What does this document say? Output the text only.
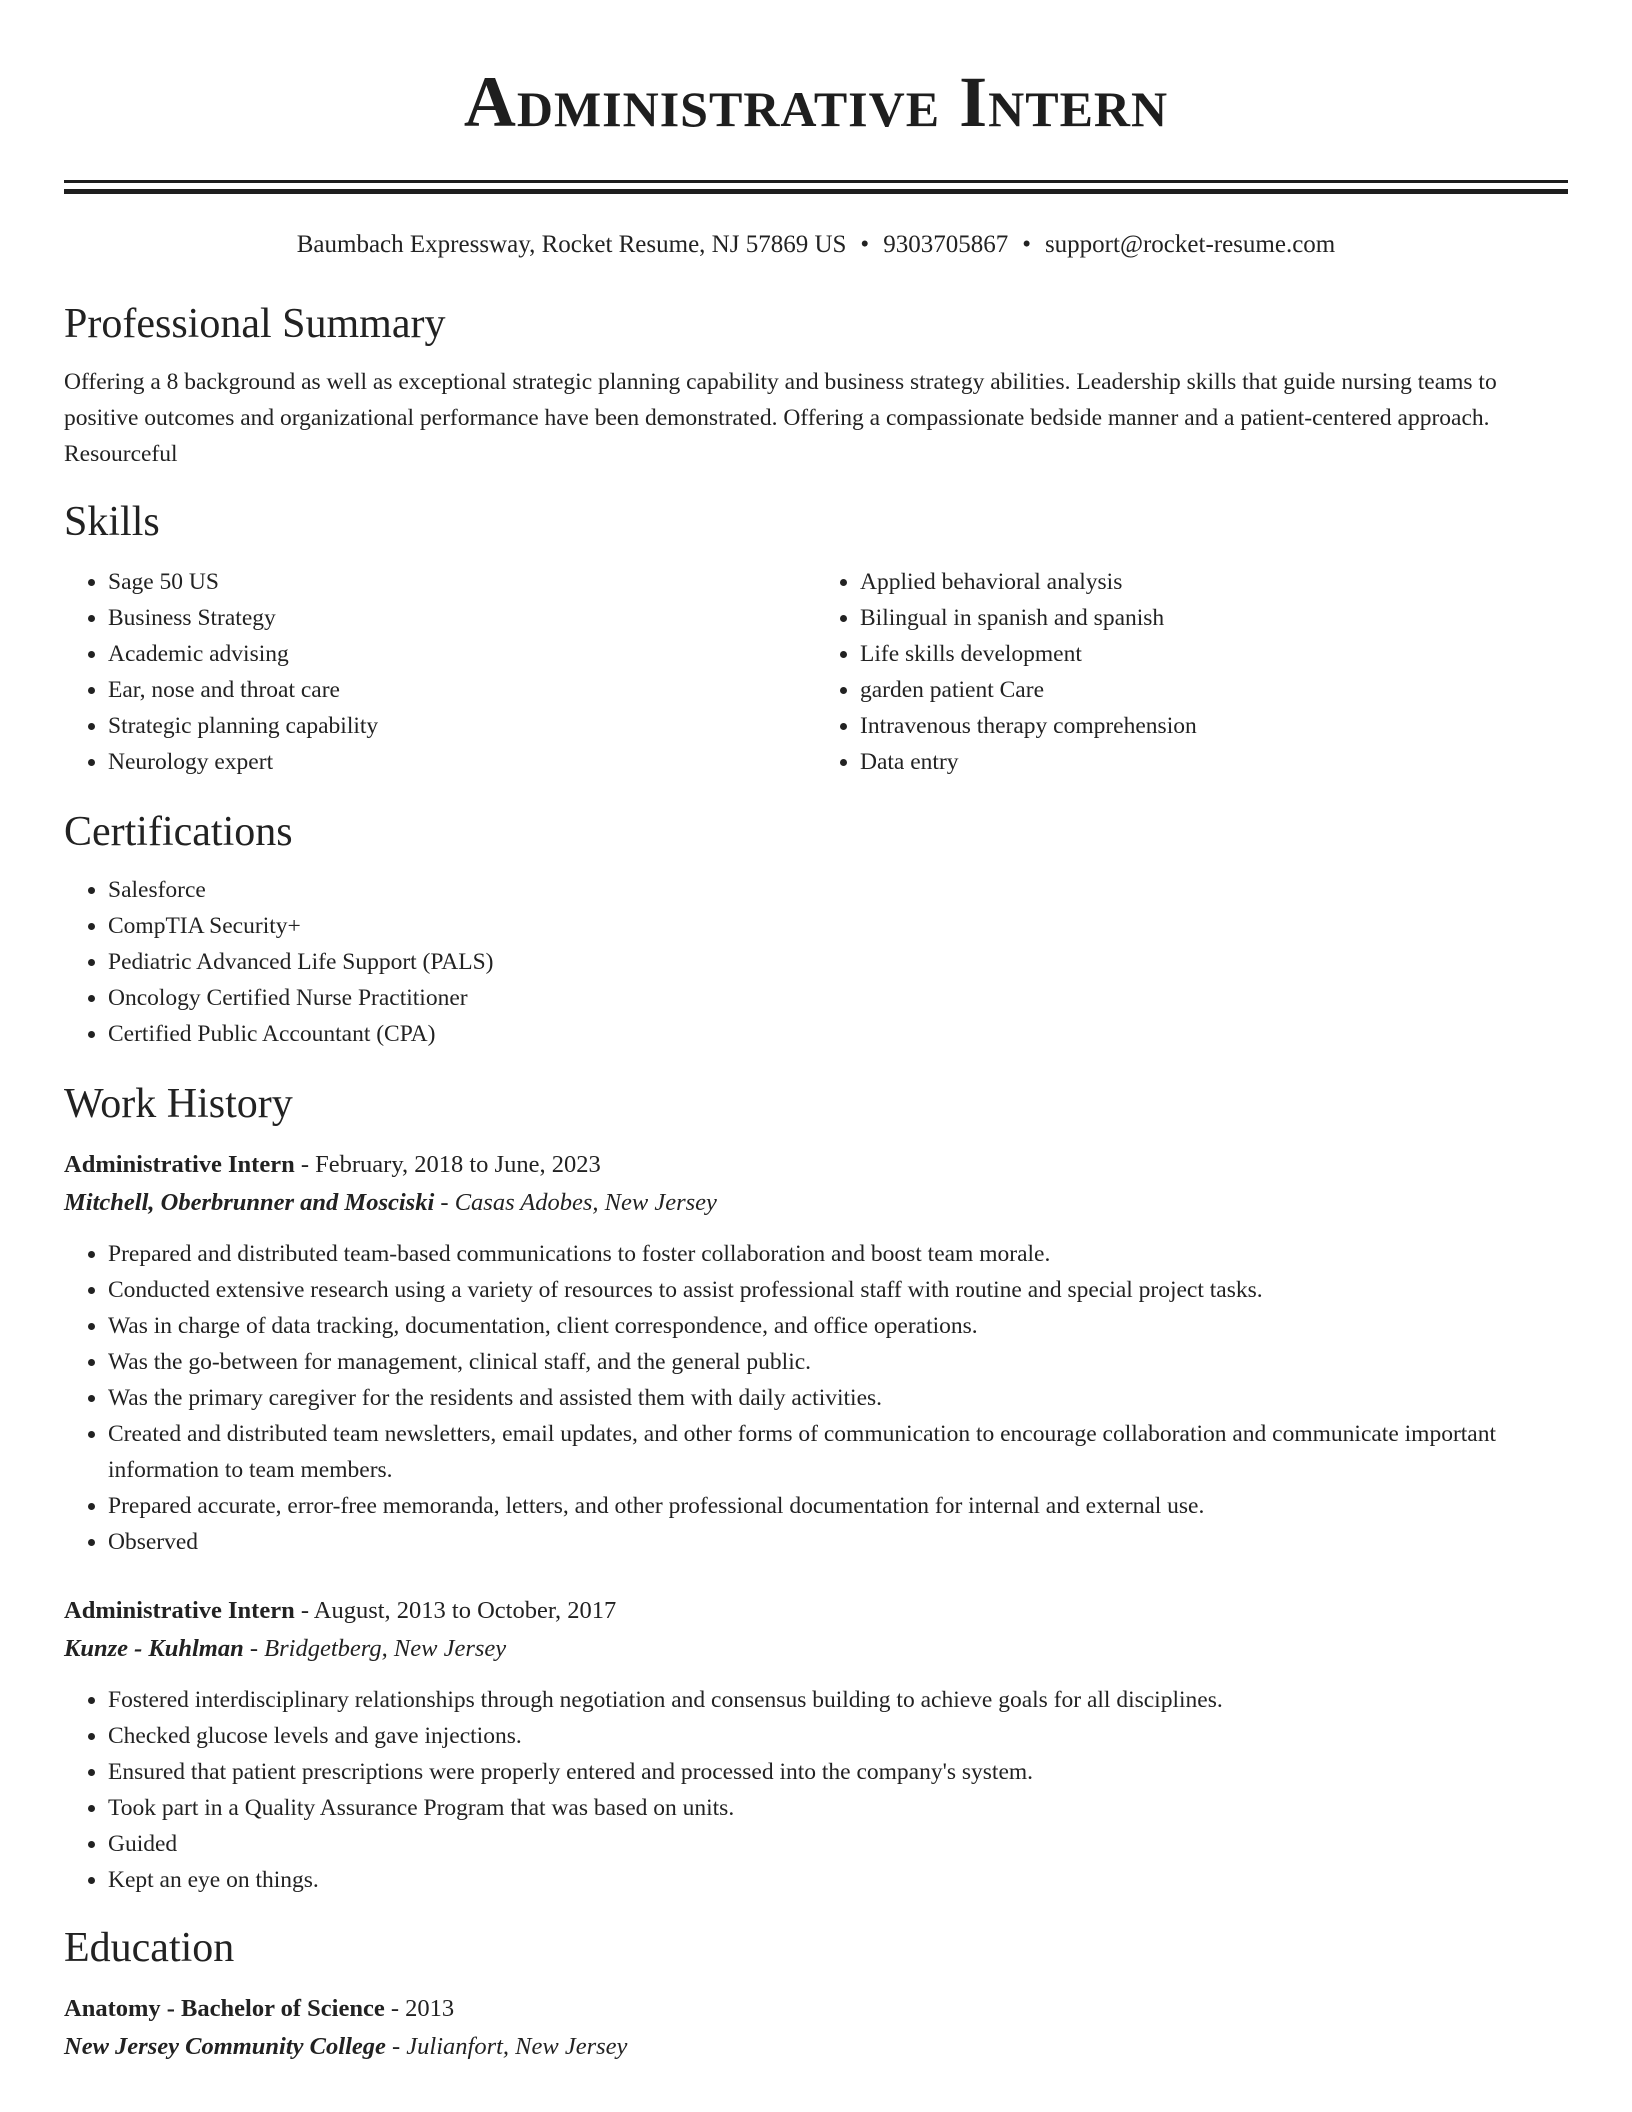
Administrative Intern
Baumbach Expressway, Rocket Resume, NJ 57869 US • 9303705867 • support@rocket-resume.com
Professional Summary

Offering a 8 background as well as exceptional strategic planning capability and business strategy abilities. Leadership skills that guide nursing teams to positive outcomes and organizational performance have been demonstrated. Offering a compassionate bedside manner and a patient-centered approach. Resourceful

Skills
• Sage 50 US
• Business Strategy
• Academic advising
• Ear, nose and throat care
• Strategic planning capability
• Neurology expert
• Applied behavioral analysis
• Bilingual in spanish and spanish
• Life skills development
• garden patient Care
• Intravenous therapy comprehension
• Data entry
Certifications
• Salesforce
• CompTIA Security+
• Pediatric Advanced Life Support (PALS)
• Oncology Certified Nurse Practitioner
• Certified Public Accountant (CPA)
Work History
Administrative Intern - February, 2018 to June, 2023
Mitchell, Oberbrunner and Mosciski - Casas Adobes, New Jersey
• Prepared and distributed team-based communications to foster collaboration and boost team morale.
• Conducted extensive research using a variety of resources to assist professional staff with routine and special project tasks.
• Was in charge of data tracking, documentation, client correspondence, and office operations.
• Was the go-between for management, clinical staff, and the general public.
• Was the primary caregiver for the residents and assisted them with daily activities.
• Created and distributed team newsletters, email updates, and other forms of communication to encourage collaboration and communicate important information to team members.
• Prepared accurate, error-free memoranda, letters, and other professional documentation for internal and external use.
• Observed
Administrative Intern - August, 2013 to October, 2017
Kunze - Kuhlman - Bridgetberg, New Jersey
• Fostered interdisciplinary relationships through negotiation and consensus building to achieve goals for all disciplines.
• Checked glucose levels and gave injections.
• Ensured that patient prescriptions were properly entered and processed into the company's system.
• Took part in a Quality Assurance Program that was based on units.
• Guided
• Kept an eye on things.
Education
Anatomy - Bachelor of Science - 2013
New Jersey Community College - Julianfort, New Jersey
